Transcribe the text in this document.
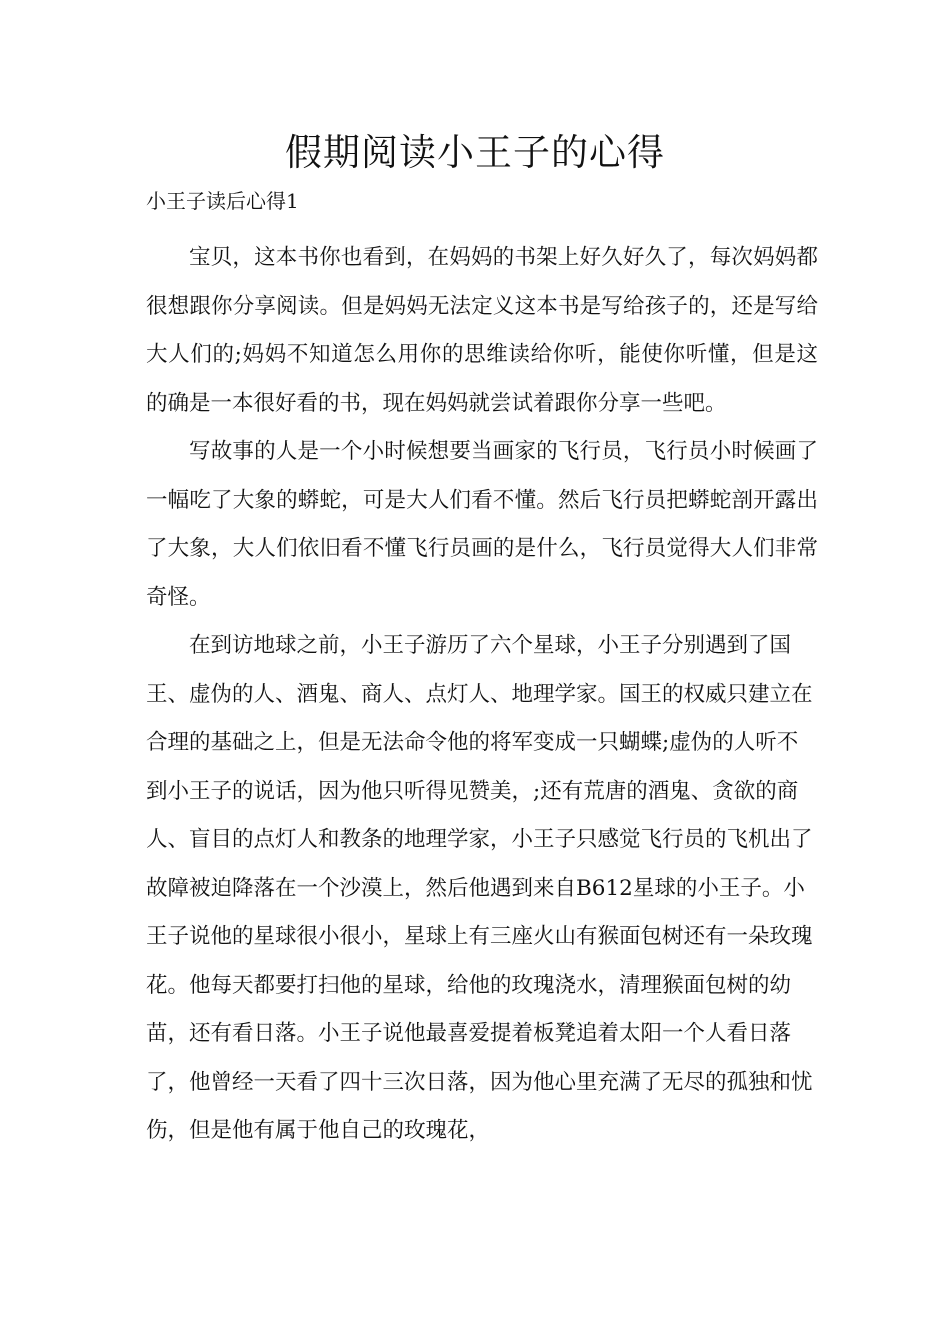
假期阅读小王子的心得
小王子读后心得1

宝贝，这本书你也看到，在妈妈的书架上好久好久了，每次妈妈都很想跟你分享阅读。但是妈妈无法定义这本书是写给孩子的，还是写给大人们的;妈妈不知道怎么用你的思维读给你听，能使你听懂，但是这的确是一本很好看的书，现在妈妈就尝试着跟你分享一些吧。

写故事的人是一个小时候想要当画家的飞行员，飞行员小时候画了一幅吃了大象的蟒蛇，可是大人们看不懂。然后飞行员把蟒蛇剖开露出了大象，大人们依旧看不懂飞行员画的是什么，飞行员觉得大人们非常奇怪。

在到访地球之前，小王子游历了六个星球，小王子分别遇到了国王、虚伪的人、酒鬼、商人、点灯人、地理学家。国王的权威只建立在合理的基础之上，但是无法命令他的将军变成一只蝴蝶;虚伪的人听不到小王子的说话，因为他只听得见赞美，;还有荒唐的酒鬼、贪欲的商人、盲目的点灯人和教条的地理学家，小王子只感觉飞行员的飞机出了故障被迫降落在一个沙漠上，然后他遇到来自B612星球的小王子。小王子说他的星球很小很小，星球上有三座火山有猴面包树还有一朵玫瑰花。他每天都要打扫他的星球，给他的玫瑰浇水，清理猴面包树的幼苗，还有看日落。小王子说他最喜爱提着板凳追着太阳一个人看日落了，他曾经一天看了四十三次日落，因为他心里充满了无尽的孤独和忧伤，但是他有属于他自己的玫瑰花，
